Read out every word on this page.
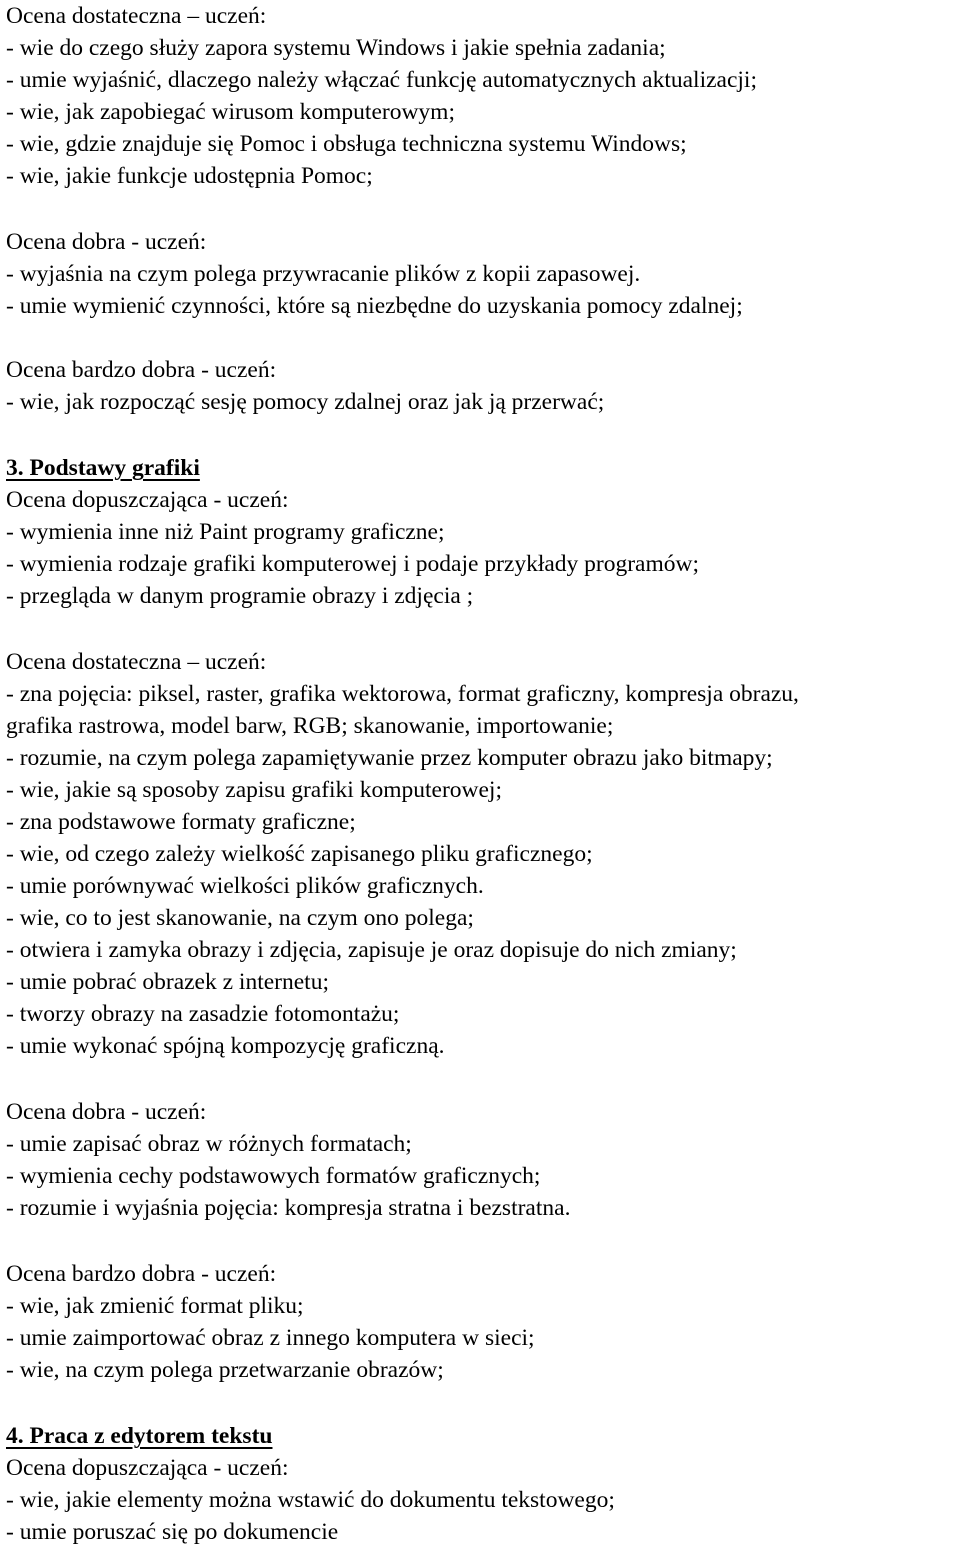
Ocena dostateczna – uczeń:

- wie do czego służy zapora systemu Windows i jakie spełnia zadania;

- umie wyjaśnić, dlaczego należy włączać funkcję automatycznych aktualizacji;

- wie, jak zapobiegać wirusom komputerowym;

- wie, gdzie znajduje się Pomoc i obsługa techniczna systemu Windows;

- wie, jakie funkcje udostępnia Pomoc;

Ocena dobra - uczeń:

- wyjaśnia na czym polega przywracanie plików z kopii zapasowej.

- umie wymienić czynności, które są niezbędne do uzyskania pomocy zdalnej;

Ocena bardzo dobra - uczeń:

- wie, jak rozpocząć sesję pomocy zdalnej oraz jak ją przerwać;

3. Podstawy grafiki

Ocena dopuszczająca - uczeń:

- wymienia inne niż Paint programy graficzne;

- wymienia rodzaje grafiki komputerowej i podaje przykłady programów;

- przegląda w danym programie obrazy i zdjęcia ;

Ocena dostateczna – uczeń:

- zna pojęcia: piksel, raster, grafika wektorowa, format graficzny, kompresja obrazu,

grafika rastrowa, model barw, RGB; skanowanie, importowanie;

- rozumie, na czym polega zapamiętywanie przez komputer obrazu jako bitmapy;

- wie, jakie są sposoby zapisu grafiki komputerowej;

- zna podstawowe formaty graficzne;

- wie, od czego zależy wielkość zapisanego pliku graficznego;

- umie porównywać wielkości plików graficznych.

- wie, co to jest skanowanie, na czym ono polega;

- otwiera i zamyka obrazy i zdjęcia, zapisuje je oraz dopisuje do nich zmiany;

- umie pobrać obrazek z internetu;

- tworzy obrazy na zasadzie fotomontażu;

- umie wykonać spójną kompozycję graficzną.

Ocena dobra - uczeń:

- umie zapisać obraz w różnych formatach;

- wymienia cechy podstawowych formatów graficznych;

- rozumie i wyjaśnia pojęcia: kompresja stratna i bezstratna.

Ocena bardzo dobra - uczeń:

- wie, jak zmienić format pliku;

- umie zaimportować obraz z innego komputera w sieci;

- wie, na czym polega przetwarzanie obrazów;

4. Praca z edytorem tekstu

Ocena dopuszczająca - uczeń:

- wie, jakie elementy można wstawić do dokumentu tekstowego;

- umie poruszać się po dokumencie
